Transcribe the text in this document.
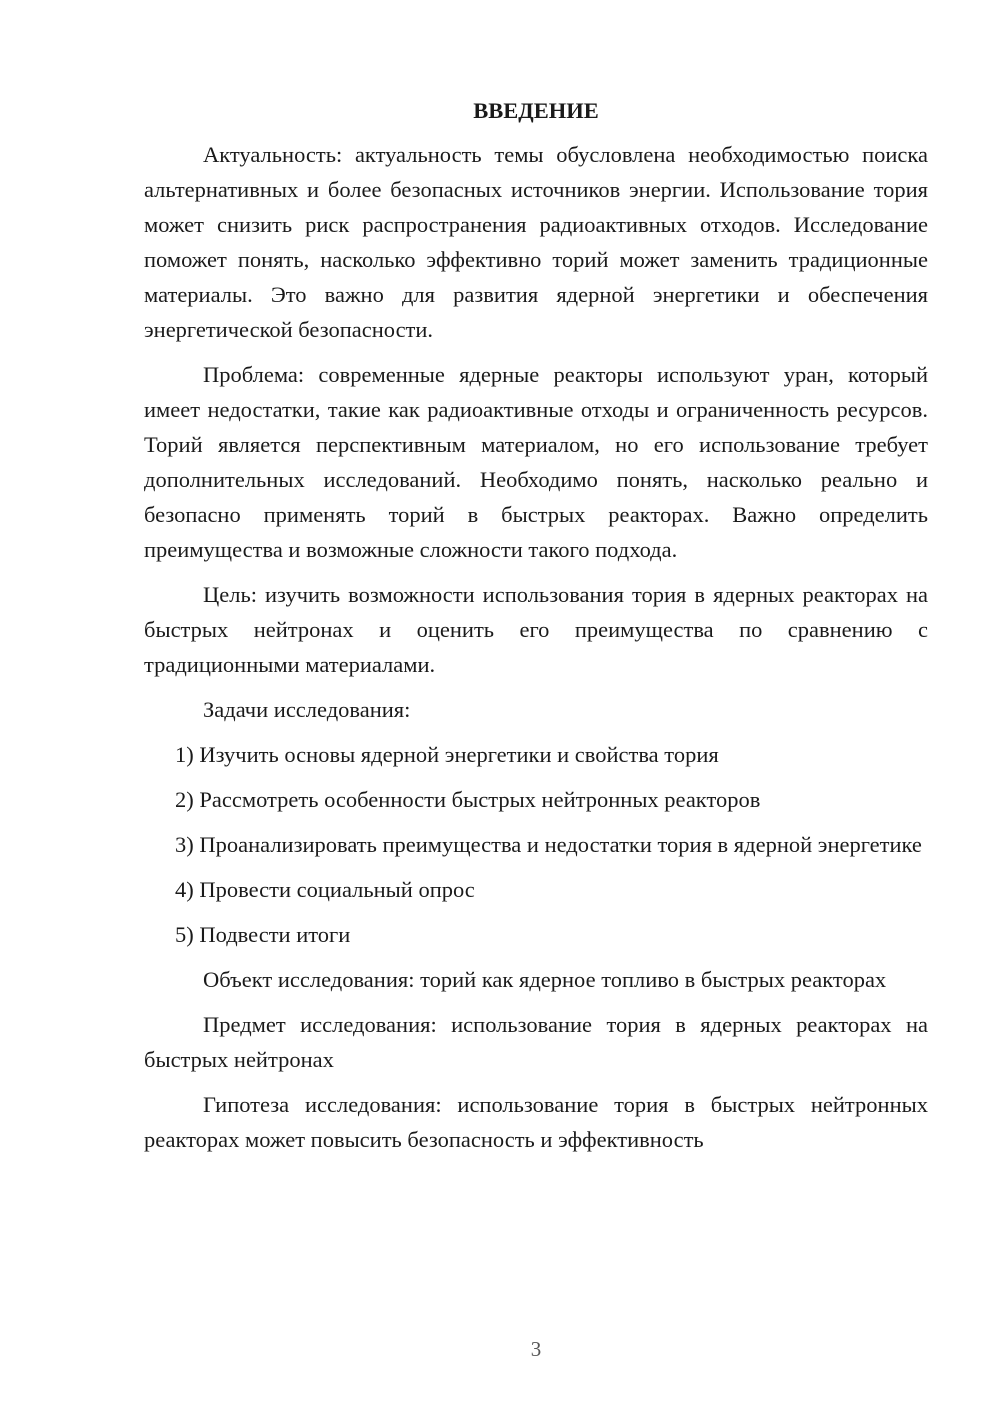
ВВЕДЕНИЕ

Актуальность: актуальность темы обусловлена необходимостью поиска альтернативных и более безопасных источников энергии. Использование тория может снизить риск распространения радиоактивных отходов. Исследование поможет понять, насколько эффективно торий может заменить традиционные материалы. Это важно для развития ядерной энергетики и обеспечения энергетической безопасности.

Проблема: современные ядерные реакторы используют уран, который имеет недостатки, такие как радиоактивные отходы и ограниченность ресурсов. Торий является перспективным материалом, но его использование требует дополнительных исследований. Необходимо понять, насколько реально и безопасно применять торий в быстрых реакторах. Важно определить преимущества и возможные сложности такого подхода.

Цель: изучить возможности использования тория в ядерных реакторах на быстрых нейтронах и оценить его преимущества по сравнению с традиционными материалами.

Задачи исследования:

1) Изучить основы ядерной энергетики и свойства тория

2) Рассмотреть особенности быстрых нейтронных реакторов

3) Проанализировать преимущества и недостатки тория в ядерной энергетике

4) Провести социальный опрос

5) Подвести итоги

Объект исследования: торий как ядерное топливо в быстрых реакторах

Предмет исследования: использование тория в ядерных реакторах на быстрых нейтронах

Гипотеза исследования: использование тория в быстрых нейтронных реакторах может повысить безопасность и эффективность

3
